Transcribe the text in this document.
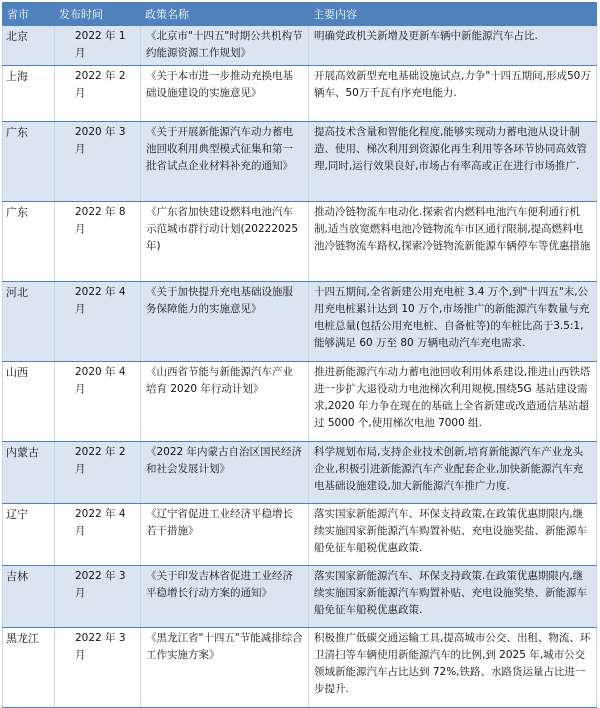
省市	发布时间	政策名称	主要内容
北京	2022 年 1 月	《北京市"十四五"时期公共机构节约能源资源工作规划》	明确党政机关新增及更新车辆中新能源汽车占比.
上海	2022 年 2 月	《关于本市进一步推动充换电基础设施建设的实施意见》	开展高效新型充电基础设施试点,力争"十四五期间,形成50万辆车、50万千瓦有序充电能力.
广东	2020 年 3 月	《关于开展新能源汽车动力蓄电池回收利用典型模式征集和第一批省试点企业材料补充的通知》	提高技术含量和智能化程度,能够实现动力蓄电池从设计制造、使用、梯次利用到资源化再生利用等各环节协同高效管理,同时,运行效果良好,市场占有率高或正在进行市场推广.
广东	2022 年 8 月	《广东省加快建设燃料电池汽车示范城市群行动计划(20222025年)	推动冷链物流车电动化.探索省内燃料电池汽车便利通行机制,适当放宽燃料电池冷链物流车市区通行限制,提高燃料电池冷链物流车路权,探索冷链物流新能源车辆停车等优惠措施
河北	2022 年 4 月	《关于加快提升充电基础设施服务保障能力的实施意见》	十四五期间,全省新建公用充电桩 3.4 万个,到"十四五"末,公用充电桩累计达到 10 万个,市场推广的新能源汽车数量与充电桩总量(包括公用充电桩、自备桩等)的车桩比高于3.5:1,能够满足 60 万至 80 万辆电动汽车充电需求.
山西	2020 年 4 月	《山西省节能与新能源汽车产业培育 2020 年行动计划》	推进新能源汽车动力蓄电池回收利用体系建设,推进山西铁塔进一步扩大退役动力电池梯次利用规模,围绕5G 基站建设需求,2020 年力争在现在的基础上全省新建或改造通信基站超过 5000 个,使用梯次电池 7000 组.
内蒙古	2022 年 2 月	《2022 年内蒙古自治区国民经济和社会发展计划》	科学规划布局,支持企业技术创新,培育新能源汽车产业龙头企业,积极引进新能源汽车产业配套企业,加快新能源汽车充电基础设施建设,加大新能源汽车推广力度.
辽宁	2022 年 4 月	《辽宁省促进工业经济平稳增长若干措施》	落实国家新能源汽车、环保支持政策,在政策优惠期限内,继续实施国家新能源汽车购置补贴、充电设施奖盐、新能源车船免征车船税优惠政策.
吉林	2022 年 3 月	《关于印发吉林省促进工业经济平稳增长行动方案的通知》	落实国家新能源汽车、环保支持政策.在政策优惠期限内,继续实施国家新能源汽车购置补贴、充电设施奖垫、新能源车船免征车船税优惠政策.
黑龙江	2022 年 3 月	《黑龙江省"十四五"节能减排综合工作实施方案》	积极推广低碳交通运输工具,提高城市公交、出租、物流、环卫清扫等车辆使用新能源汽车的比例,到 2025 年,城市公交领域新能源汽车占比达到 72%,铁路、水路货运量占比进一步提升.
